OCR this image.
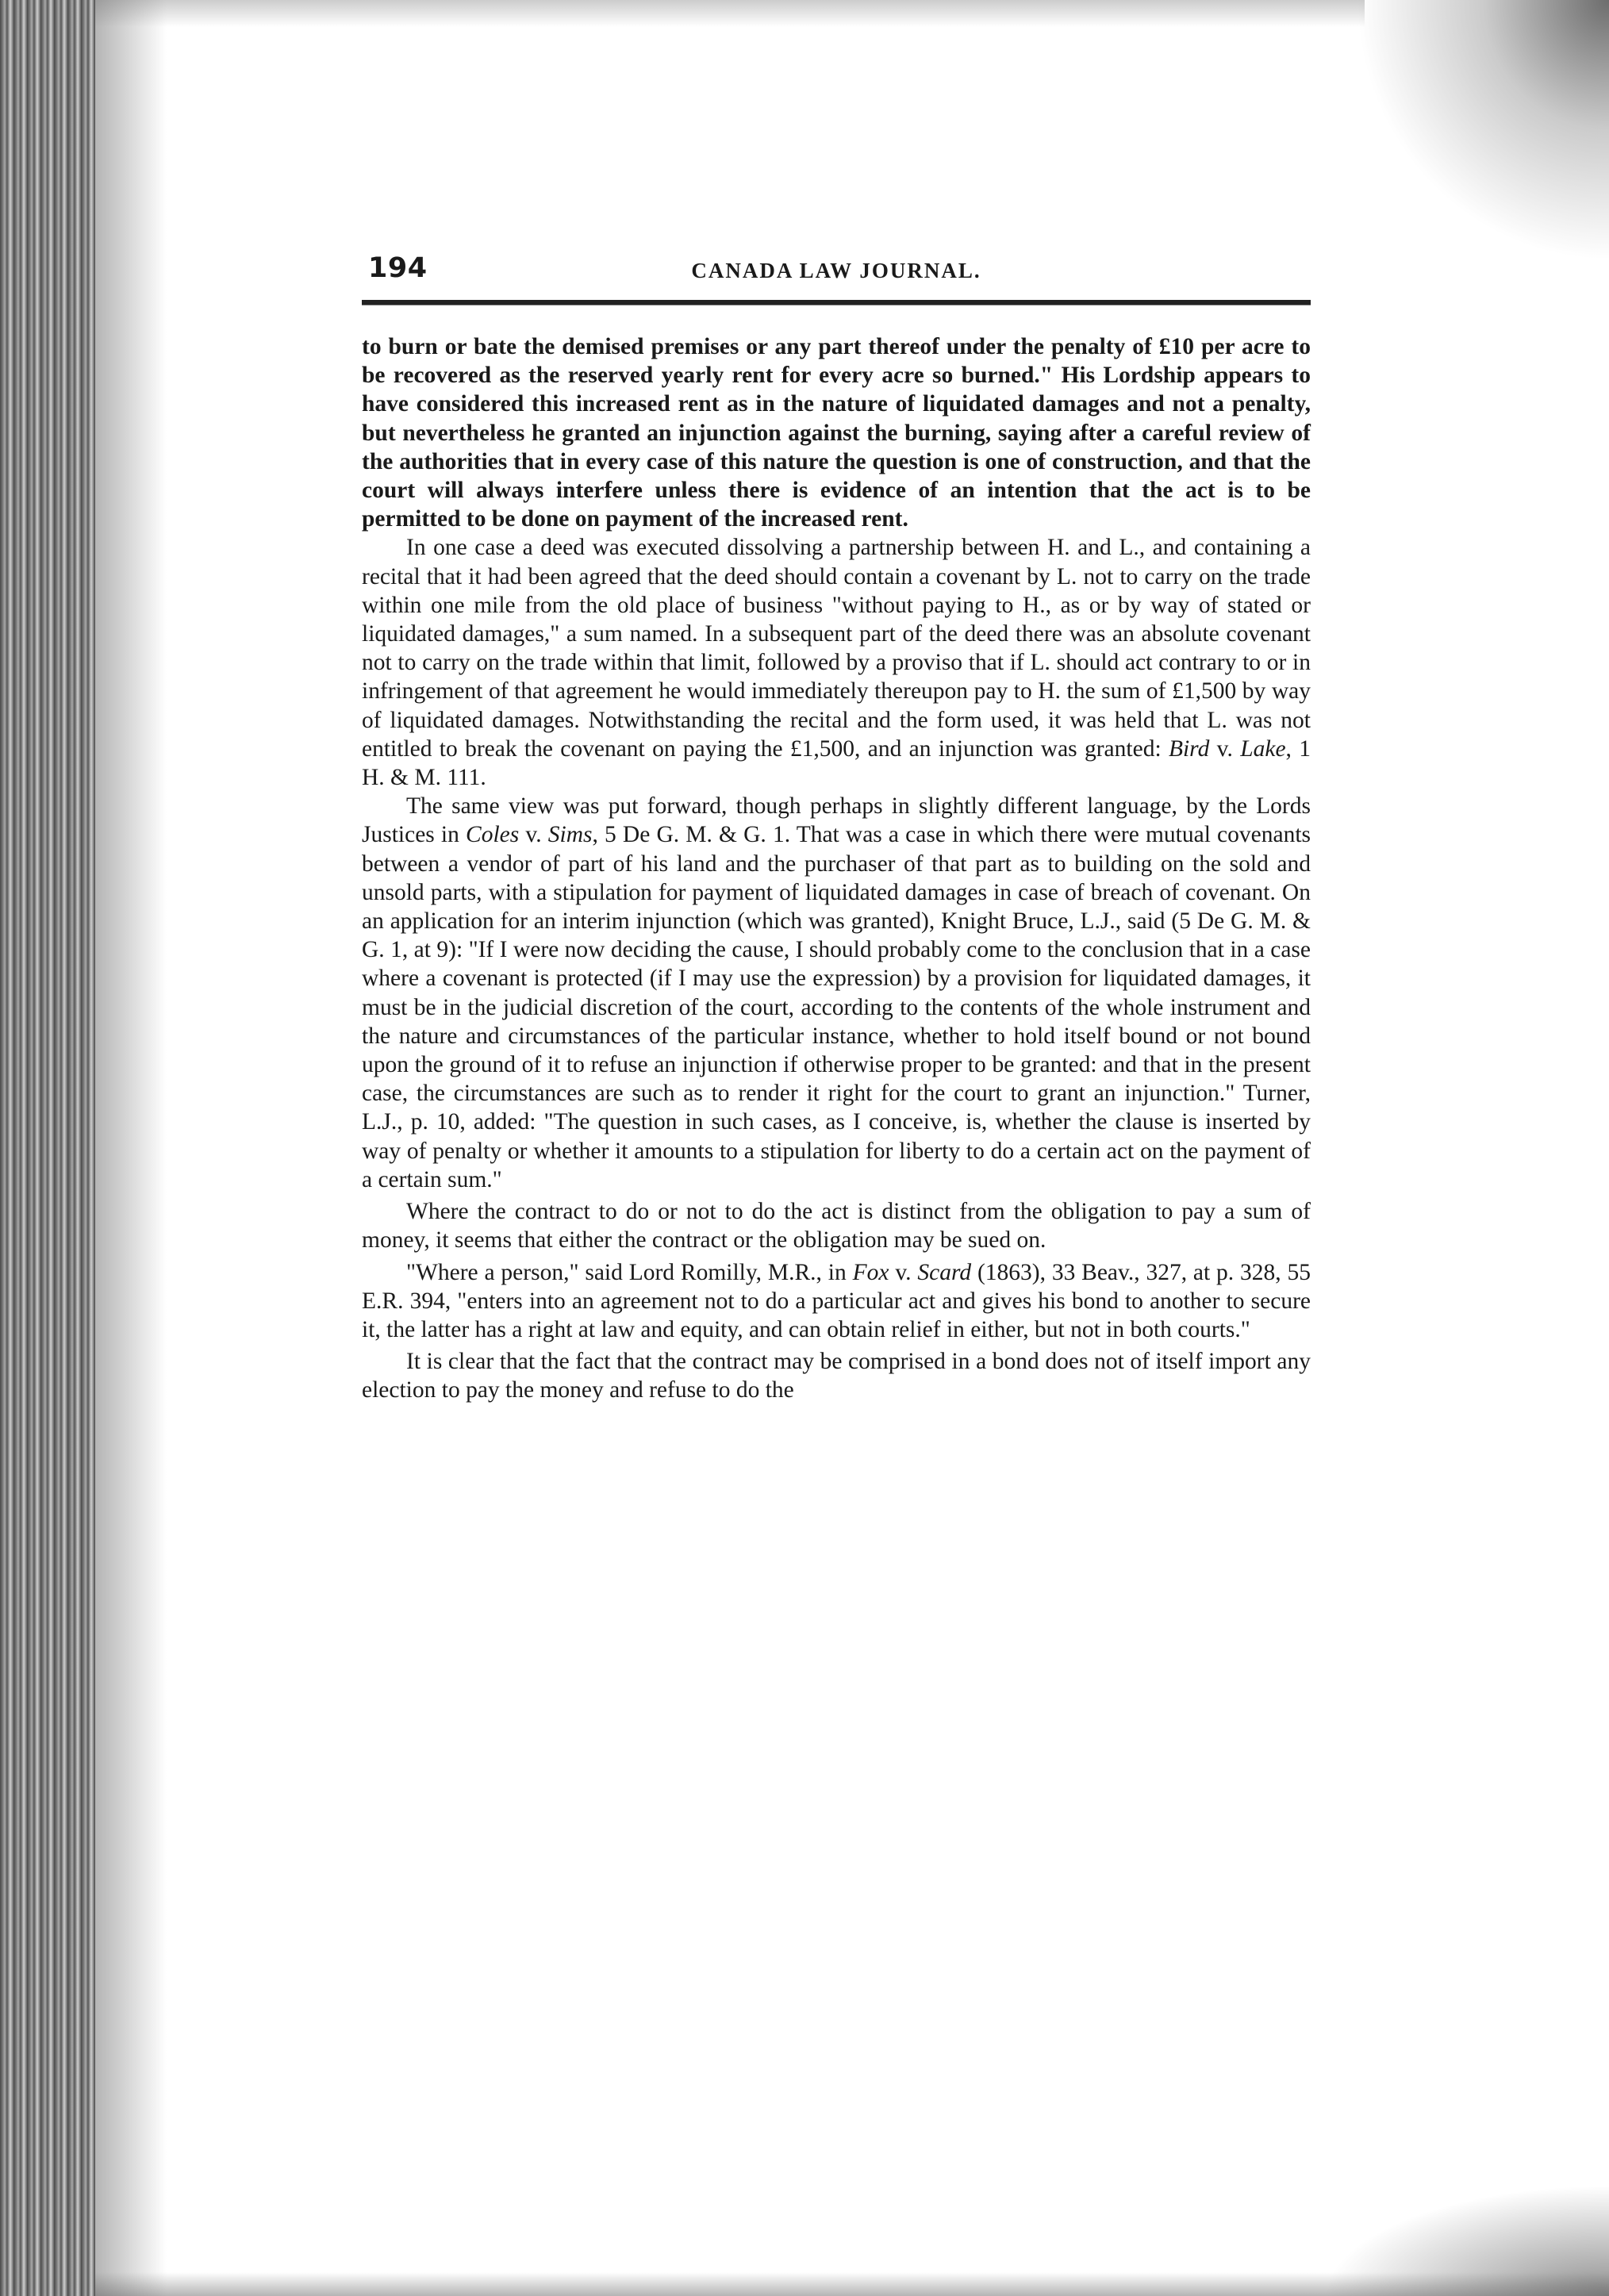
194	CANADA LAW JOURNAL.

to burn or bate the demised premises or any part thereof under the penalty of £10 per acre to be recovered as the reserved yearly rent for every acre so burned." His Lordship appears to have considered this increased rent as in the nature of liquidated damages and not a penalty, but nevertheless he granted an injunction against the burning, saying after a careful review of the authorities that in every case of this nature the question is one of construction, and that the court will always interfere unless there is evidence of an intention that the act is to be permitted to be done on payment of the increased rent.

In one case a deed was executed dissolving a partnership between H. and L., and containing a recital that it had been agreed that the deed should contain a covenant by L. not to carry on the trade within one mile from the old place of business "without paying to H., as or by way of stated or liquidated damages," a sum named. In a subsequent part of the deed there was an absolute covenant not to carry on the trade within that limit, followed by a proviso that if L. should act contrary to or in infringement of that agreement he would immediately thereupon pay to H. the sum of £1,500 by way of liquidated damages. Notwithstanding the recital and the form used, it was held that L. was not entitled to break the covenant on paying the £1,500, and an injunction was granted: Bird v. Lake, 1 H. & M. 111.

The same view was put forward, though perhaps in slightly different language, by the Lords Justices in Coles v. Sims, 5 De G. M. & G. 1. That was a case in which there were mutual covenants between a vendor of part of his land and the purchaser of that part as to building on the sold and unsold parts, with a stipulation for payment of liquidated damages in case of breach of covenant. On an application for an interim injunction (which was granted), Knight Bruce, L.J., said (5 De G. M. & G. 1, at 9): "If I were now deciding the cause, I should probably come to the conclusion that in a case where a covenant is protected (if I may use the expression) by a provision for liquidated damages, it must be in the judicial discretion of the court, according to the contents of the whole instrument and the nature and circumstances of the particular instance, whether to hold itself bound or not bound upon the ground of it to refuse an injunction if otherwise proper to be granted: and that in the present case, the circumstances are such as to render it right for the court to grant an injunction." Turner, L.J., p. 10, added: "The question in such cases, as I conceive, is, whether the clause is inserted by way of penalty or whether it amounts to a stipulation for liberty to do a certain act on the payment of a certain sum."

Where the contract to do or not to do the act is distinct from the obligation to pay a sum of money, it seems that either the contract or the obligation may be sued on.

"Where a person," said Lord Romilly, M.R., in Fox v. Scard (1863), 33 Beav., 327, at p. 328, 55 E.R. 394, "enters into an agreement not to do a particular act and gives his bond to another to secure it, the latter has a right at law and equity, and can obtain relief in either, but not in both courts."

It is clear that the fact that the contract may be comprised in a bond does not of itself import any election to pay the money and refuse to do the
